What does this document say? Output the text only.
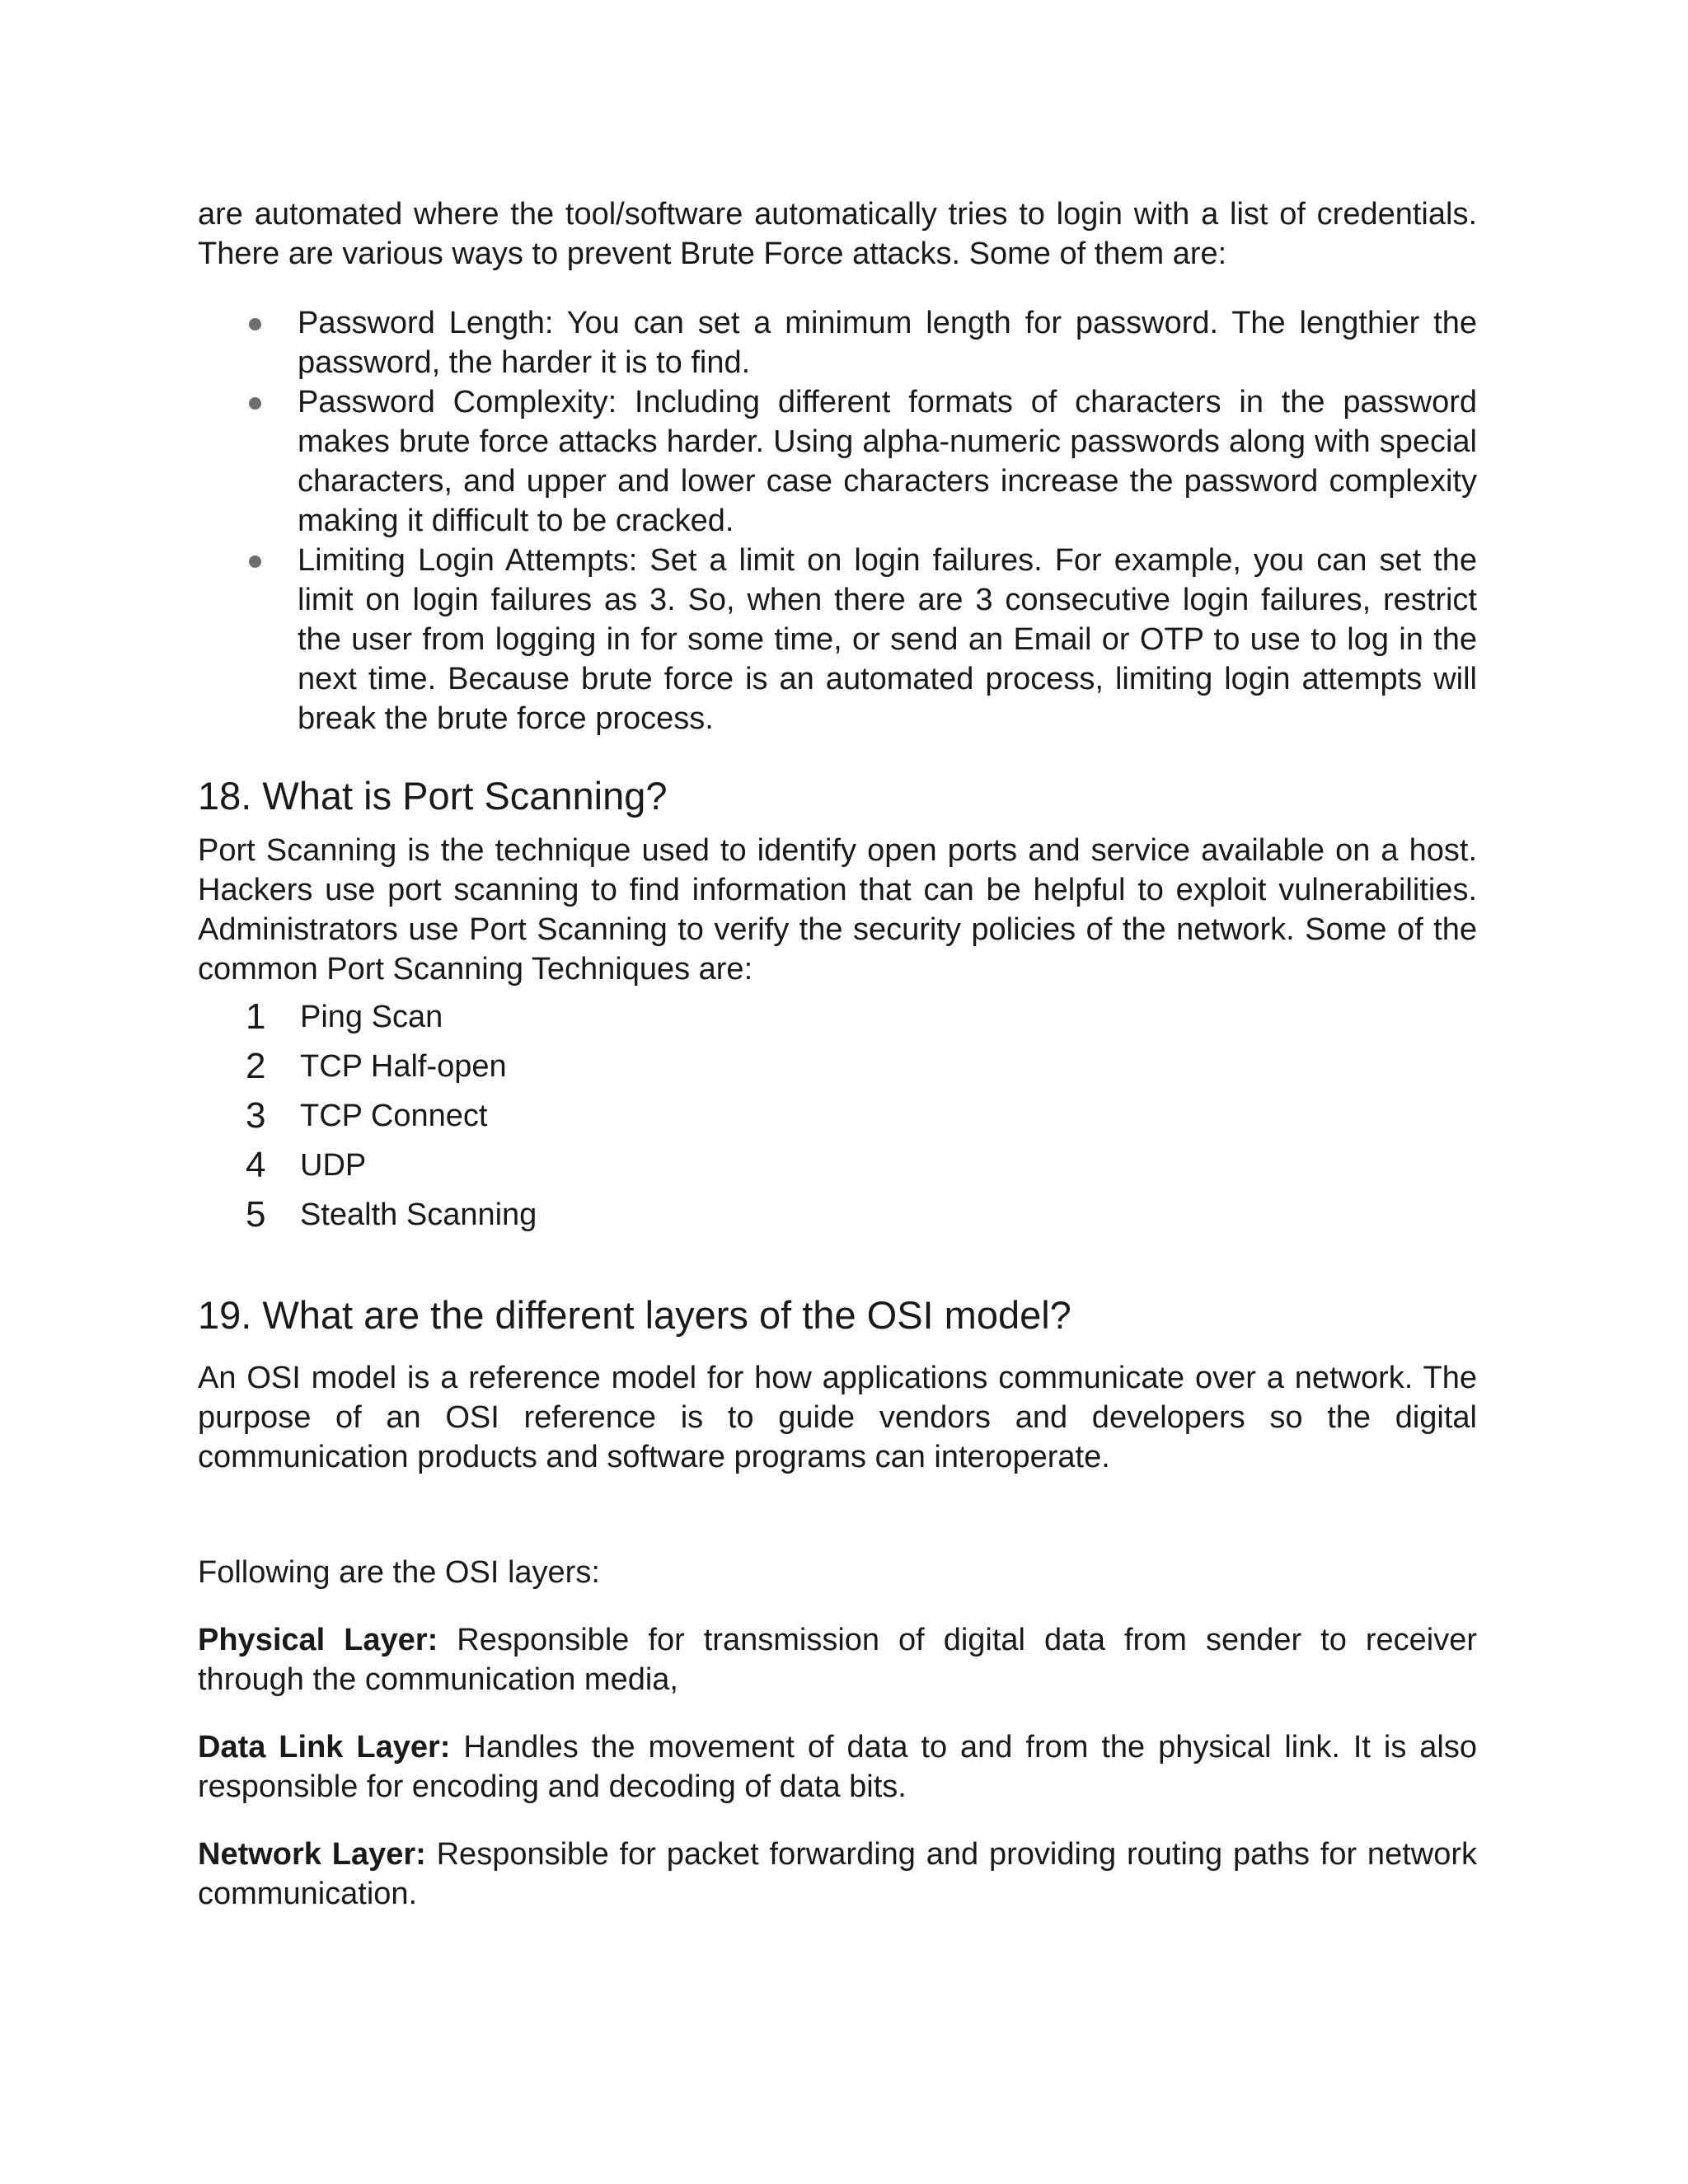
are automated where the tool/software automatically tries to login with a list of credentials. There are various ways to prevent Brute Force attacks. Some of them are:

Password Length: You can set a minimum length for password. The lengthier the password, the harder it is to find.
Password Complexity: Including different formats of characters in the password makes brute force attacks harder. Using alpha-numeric passwords along with special characters, and upper and lower case characters increase the password complexity making it difficult to be cracked.
Limiting Login Attempts: Set a limit on login failures. For example, you can set the limit on login failures as 3. So, when there are 3 consecutive login failures, restrict the user from logging in for some time, or send an Email or OTP to use to log in the next time. Because brute force is an automated process, limiting login attempts will break the brute force process.
18. What is Port Scanning?

Port Scanning is the technique used to identify open ports and service available on a host. Hackers use port scanning to find information that can be helpful to exploit vulnerabilities. Administrators use Port Scanning to verify the security policies of the network. Some of the common Port Scanning Techniques are:

1 Ping Scan
2 TCP Half-open
3 TCP Connect
4 UDP
5 Stealth Scanning
19. What are the different layers of the OSI model?

An OSI model is a reference model for how applications communicate over a network. The purpose of an OSI reference is to guide vendors and developers so the digital communication products and software programs can interoperate.

Following are the OSI layers:

Physical Layer: Responsible for transmission of digital data from sender to receiver through the communication media,

Data Link Layer: Handles the movement of data to and from the physical link. It is also responsible for encoding and decoding of data bits.

Network Layer: Responsible for packet forwarding and providing routing paths for network communication.
